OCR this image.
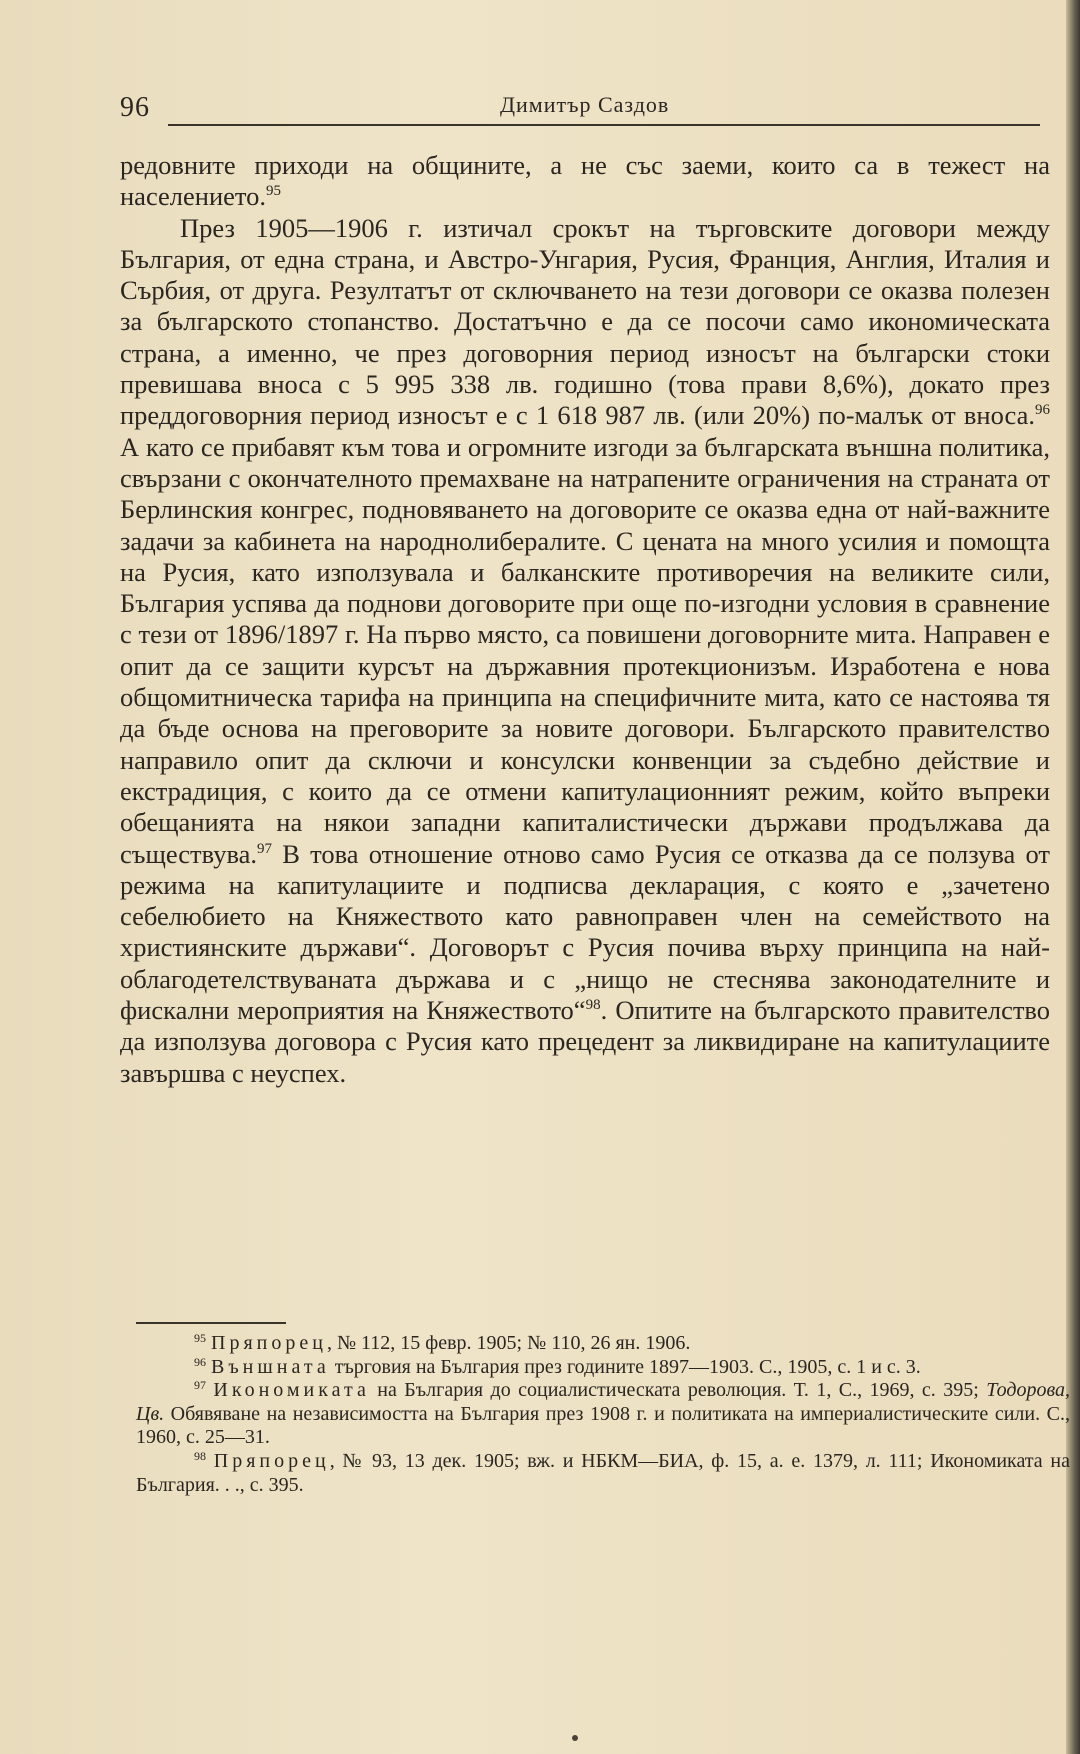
96	Димитър Саздов

редовните приходи на общините, а не със заеми, които са в тежест на населението.$^{95}$

През 1905—1906 г. изтичал срокът на търговските договори между България, от една страна, и Австро-Унгария, Русия, Франция, Англия, Италия и Сърбия, от друга. Резултатът от сключването на тези договори се оказва полезен за българското стопанство. Достатъчно е да се посочи само икономическата страна, а именно, че през договорния период износът на български стоки превишава вноса с 5 995 338 лв. годишно (това прави 8,6%), докато през преддоговорния период износът е с 1 618 987 лв. (или 20%) по-малък от вноса.$^{96}$ А като се прибавят към това и огромните изгоди за българската външна политика, свързани с окончателното премахване на натрапените ограничения на страната от Берлинския конгрес, подновяването на договорите се оказва една от най-важните задачи за кабинета на народнолибералите. С цената на много усилия и помощта на Русия, като използувала и балканските противоречия на великите сили, България успява да поднови договорите при още по-изгодни условия в сравнение с тези от 1896/1897 г. На първо място, са повишени договорните мита. Направен е опит да се защити курсът на държавния протекционизъм. Изработена е нова общомитническа тарифа на принципа на специфичните мита, като се настоява тя да бъде основа на преговорите за новите договори. Българското правителство направило опит да сключи и консулски конвенции за съдебно действие и екстрадиция, с които да се отмени капитулационният режим, който въпреки обещанията на някои западни капиталистически държави продължава да съществува.$^{97}$ В това отношение отново само Русия се отказва да се ползува от режима на капитулациите и подписва декларация, с която е „зачетено себелюбието на Княжеството като равноправен член на семейството на християнските държави“. Договорът с Русия почива върху принципа на най-облагодетелствуваната държава и с „нищо не стеснява законодателните и фискални мероприятия на Княжеството“$^{98}$. Опитите на българското правителство да използува договора с Русия като прецедент за ликвидиране на капитулациите завършва с неуспех.

$^{95}$ Пряпорец, № 112, 15 февр. 1905; № 110, 26 ян. 1906.

$^{96}$ Външната търговия на България през годините 1897—1903. С., 1905, с. 1 и с. 3.

$^{97}$ Икономиката на България до социалистическата революция. Т. 1, С., 1969, с. 395; Тодорова, Цв. Обявяване на независимостта на България през 1908 г. и политиката на империалистическите сили. С., 1960, с. 25—31.

$^{98}$ Пряпорец, № 93, 13 дек. 1905; вж. и НБКМ—БИА, ф. 15, а. е. 1379, л. 111; Икономиката на България. . ., с. 395.
